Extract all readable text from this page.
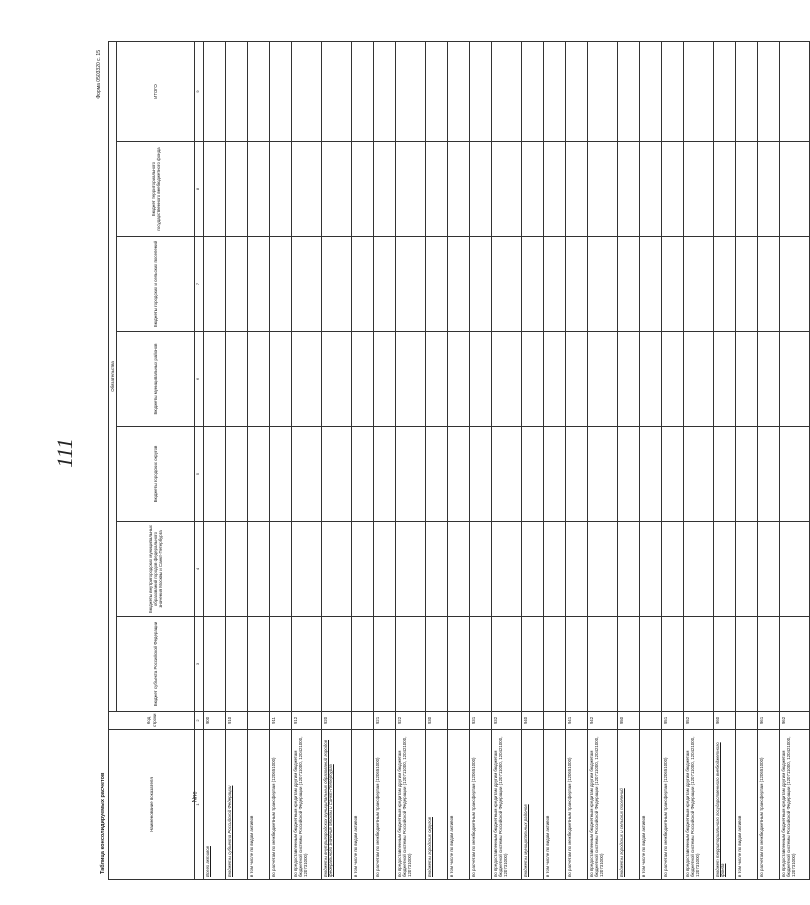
111
Nnc
Таблица консолидируемых расчетов
Форма 0503320 с. 15
Наименование показателя	Код строки	Обязательства						
		Бюджет субъекта Российской Федерации	Бюджеты внутригородских муниципальных образований городов федерального значения Москвы и Санкт-Петербурга	Бюджеты городских округов	Бюджеты муниципальных районов	Бюджеты городских и сельских поселений	Бюджет территориального государственного внебюджетного фонда	ИТОГО
1	2	3	4	5	6	7	8	9
Всего активов	900							
Бюджеты субъекта Российской Федерации	910							
в том числе по видам активов								
по расчетам по межбюджетным трансфертам (120651000)	911							
по предоставленным бюджетным кредитам другим бюджетам бюджетной системы Российской Федерации (120711000, 120421000, 120731000)	912							
Бюджеты внутригородских муниципальных образований городов федерального значения Москвы и Санкт-Петербурга	920							
в том числе по видам активов								
по расчетам по межбюджетным трансфертам (120651000)	921							
по предоставленным бюджетным кредитам другим бюджетам бюджетной системы Российской Федерации (120711000, 120421000, 120731000)	922							
Бюджеты городских округов	930							
в том числе по видам активов								
по расчетам по межбюджетным трансфертам (120651000)	931							
по предоставленным бюджетным кредитам другим бюджетам бюджетной системы Российской Федерации (120711000, 120421000, 120731000)	932							
Бюджеты муниципальных районов	940							
в том числе по видам активов								
по расчетам по межбюджетным трансфертам (120651000)	941							
по предоставленным бюджетным кредитам другим бюджетам бюджетной системы Российской Федерации (120711000, 120421000, 120731000)	942							
Бюджеты городских и сельских поселений	950							
в том числе по видам активов								
по расчетам по межбюджетным трансфертам (120651000)	951							
по предоставленным бюджетным кредитам другим бюджетам бюджетной системы Российской Федерации (120711000, 120421000, 120731000)	952							
Бюджет территориального государственного внебюджетного фонда	960							
в том числе по видам активов								
по расчетам по межбюджетным трансфертам (120651000)	961							
по предоставленным бюджетным кредитам другим бюджетам бюджетной системы Российской Федерации (120711000, 120421000, 120731000)	962							
